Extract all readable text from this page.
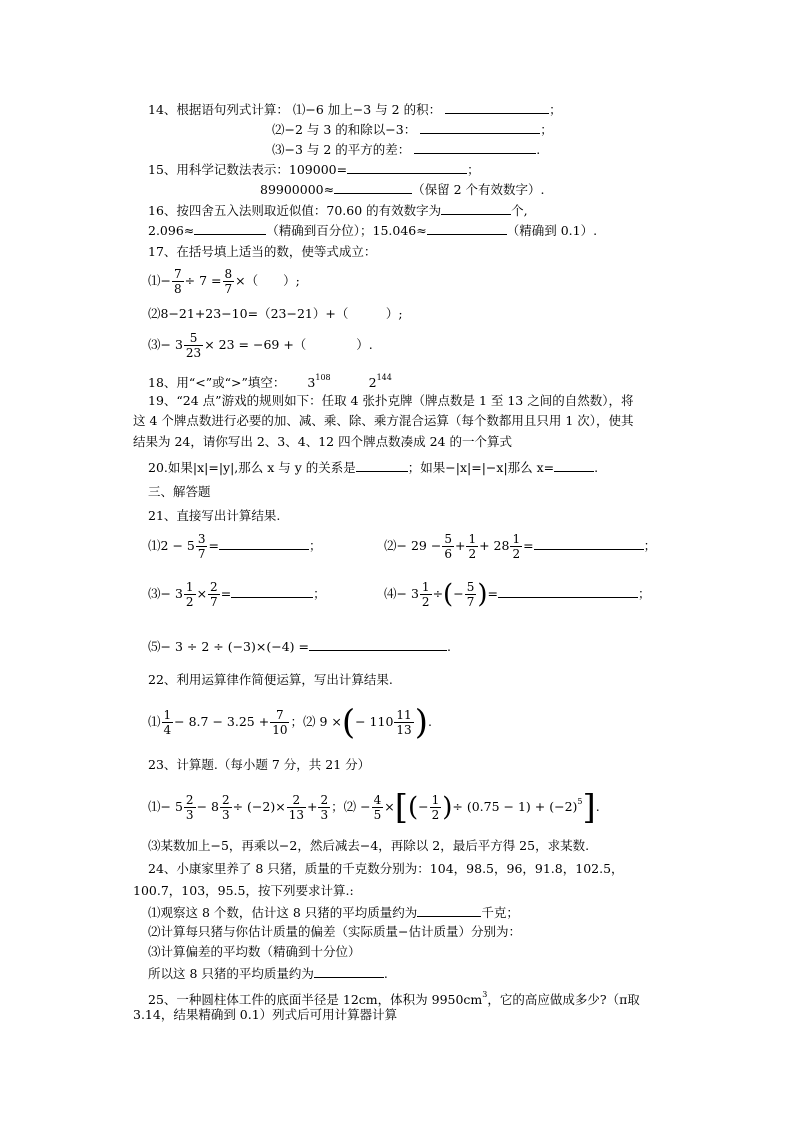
14、根据语句列式计算： ⑴−6 加上−3 与 2 的积：	；
⑵−2 与 3 的和除以−3：	；
⑶−3 与 2 的平方的差：	.
15、用科学记数法表示：109000=	；
89900000≈	（保留 2 个有效数字）.
16、按四舍五入法则取近似值：70.60 的有效数字为	个,
2.096≈	（精确到百分位）；15.046≈	（精确到 0.1）.
17、在括号填上适当的数，使等式成立：
⑴− $\frac{7}{8} \div 7 = \frac{8}{7}$ ×（　　）;
⑵8−21+23−10=（23−21）+（　　　）;
⑶− $3 \frac{5}{23} \times 23 = -69$ +（　　　　）.
18、用“<”或“>”填空： $3^{108}$	$2^{144}$
19、“24 点”游戏的规则如下：任取 4 张扑克牌（牌点数是 1 至 13 之间的自然数），将
这 4 个牌点数进行必要的加、减、乘、除、乘方混合运算（每个数都用且只用 1 次），使其
结果为 24，请你写出 2、3、4、12 四个牌点数凑成 24 的一个算式
20.如果|x|=|y|,那么 x 与 y 的关系是	；如果−|x|=|−x|那么 x=	.
三、解答题
21、直接写出计算结果.
⑴2 − $5 \frac{3}{7}$ =	；	⑵− $29 - \frac{5}{6} + \frac{1}{2} + 28 \frac{1}{2}$ =	；
⑶− $3 \frac{1}{2} \times \frac{2}{7}$ =	；	⑷− $3 \frac{1}{2}$ ÷(− $\frac{5}{7}$ )=	；
⑸− 3 ÷ 2 ÷ (−3)×(−4) =	.
22、利用运算律作简便运算，写出计算结果.
⑴ $\frac{1}{4} - 8.7 - 3.25 + \frac{7}{10}$ ；⑵ 9 ×(− $110 \frac{11}{13}$ ).
23、计算题.（每小题 7 分，共 21 分）
⑴− $5 \frac{2}{3} - 8 \frac{2}{3} \div (-2)\times \frac{2}{13} + \frac{2}{3}$ ；⑵ − $\frac{4}{5}$ ×[(− $\frac{1}{2}$ )÷ $(0.75 - 1) + (-2)^5$].
⑶某数加上−5，再乘以−2，然后减去−4，再除以 2，最后平方得 25，求某数.
24、小康家里养了 8 只猪，质量的千克数分别为：104，98.5，96，91.8，102.5，
100.7，103，95.5，按下列要求计算.:
⑴观察这 8 个数，估计这 8 只猪的平均质量约为	千克；
⑵计算每只猪与你估计质量的偏差（实际质量−估计质量）分别为：
⑶计算偏差的平均数（精确到十分位）
所以这 8 只猪的平均质量约为	.
25、一种圆柱体工件的底面半径是 12cm，体积为 $9950cm^3$，它的高应做成多少?（π取
3.14，结果精确到 0.1）列式后可用计算器计算
